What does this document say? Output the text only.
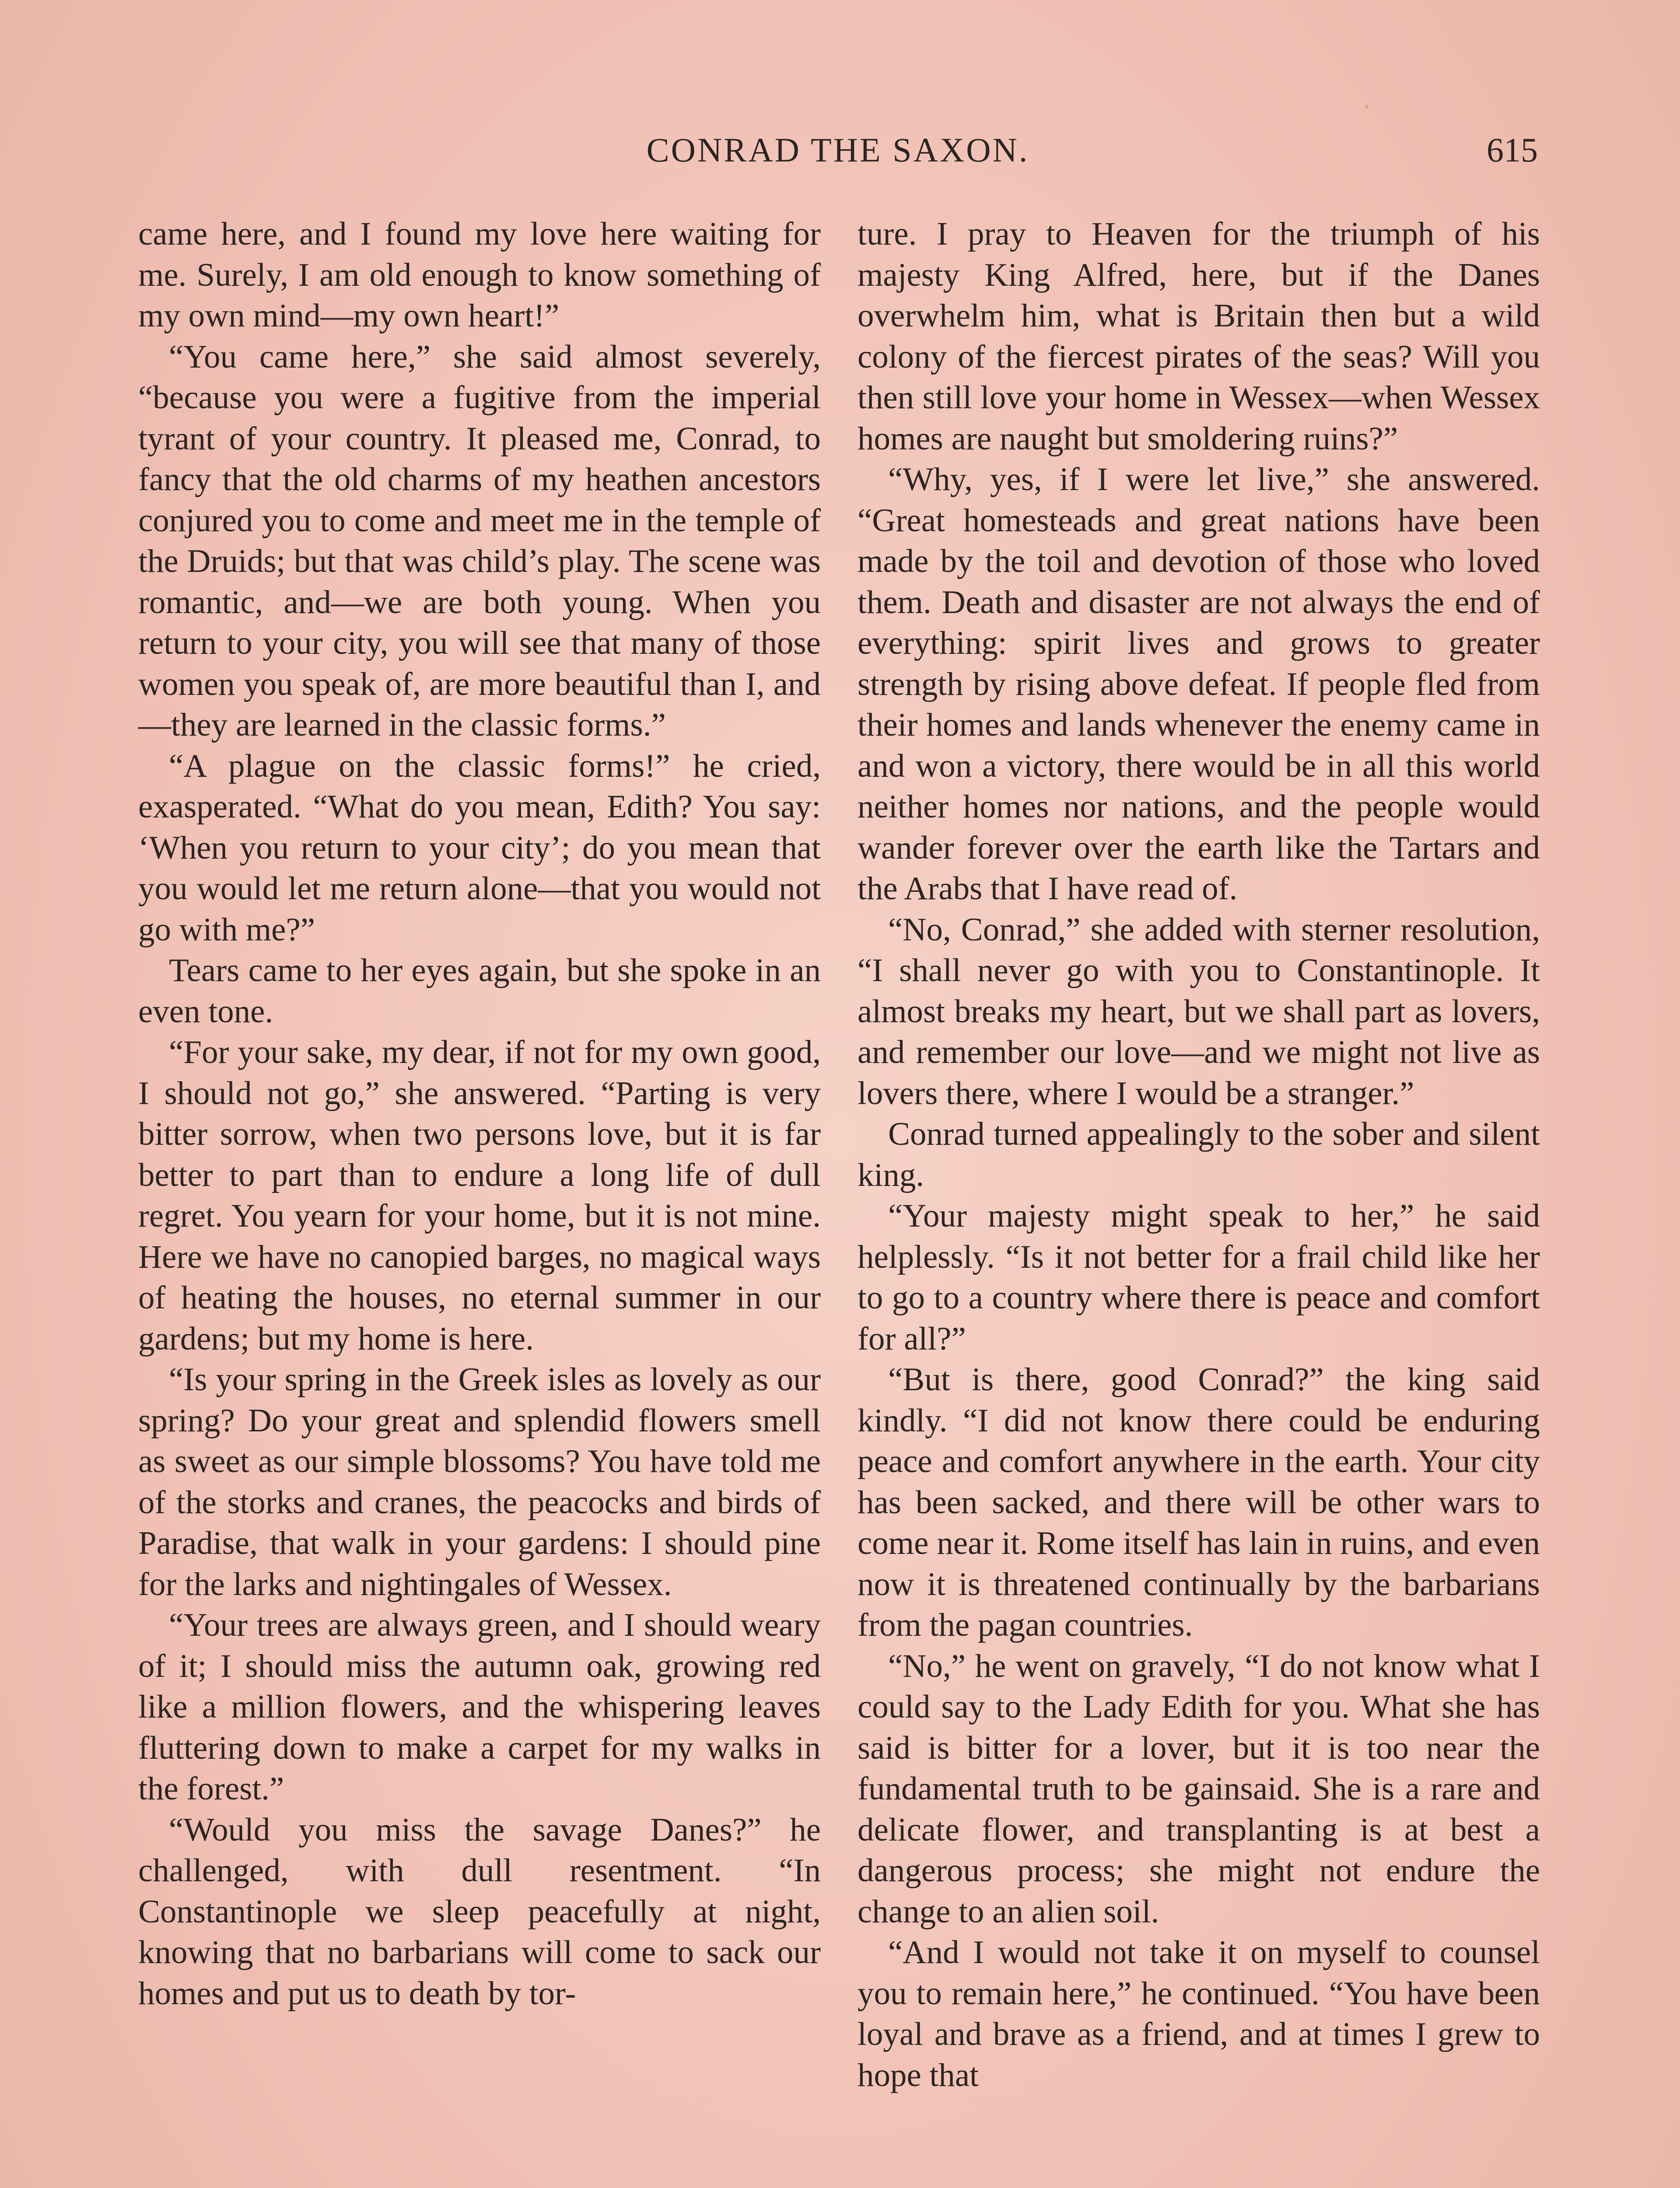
CONRAD THE SAXON.	615

came here, and I found my love here waiting for me. Surely, I am old enough to know something of my own mind—my own heart!”

“You came here,” she said almost severely, “because you were a fugitive from the imperial tyrant of your country. It pleased me, Conrad, to fancy that the old charms of my heathen ancestors conjured you to come and meet me in the temple of the Druids; but that was child’s play. The scene was romantic, and—we are both young. When you return to your city, you will see that many of those women you speak of, are more beautiful than I, and—they are learned in the classic forms.”

“A plague on the classic forms!” he cried, exasperated. “What do you mean, Edith? You say: ‘When you return to your city’; do you mean that you would let me return alone—that you would not go with me?”

Tears came to her eyes again, but she spoke in an even tone.

“For your sake, my dear, if not for my own good, I should not go,” she answered. “Parting is very bitter sorrow, when two persons love, but it is far better to part than to endure a long life of dull regret. You yearn for your home, but it is not mine. Here we have no canopied barges, no magical ways of heating the houses, no eternal summer in our gardens; but my home is here.

“Is your spring in the Greek isles as lovely as our spring? Do your great and splendid flowers smell as sweet as our simple blossoms? You have told me of the storks and cranes, the peacocks and birds of Paradise, that walk in your gardens: I should pine for the larks and nightingales of Wessex.

“Your trees are always green, and I should weary of it; I should miss the autumn oak, growing red like a million flowers, and the whispering leaves fluttering down to make a carpet for my walks in the forest.”

“Would you miss the savage Danes?” he challenged, with dull resentment. “In Constantinople we sleep peacefully at night, knowing that no barbarians will come to sack our homes and put us to death by tor-

ture. I pray to Heaven for the triumph of his majesty King Alfred, here, but if the Danes overwhelm him, what is Britain then but a wild colony of the fiercest pirates of the seas? Will you then still love your home in Wessex—when Wessex homes are naught but smoldering ruins?”

“Why, yes, if I were let live,” she answered. “Great homesteads and great nations have been made by the toil and devotion of those who loved them. Death and disaster are not always the end of everything: spirit lives and grows to greater strength by rising above defeat. If people fled from their homes and lands whenever the enemy came in and won a victory, there would be in all this world neither homes nor nations, and the people would wander forever over the earth like the Tartars and the Arabs that I have read of.

“No, Conrad,” she added with sterner resolution, “I shall never go with you to Constantinople. It almost breaks my heart, but we shall part as lovers, and remember our love—and we might not live as lovers there, where I would be a stranger.”

Conrad turned appealingly to the sober and silent king.

“Your majesty might speak to her,” he said helplessly. “Is it not better for a frail child like her to go to a country where there is peace and comfort for all?”

“But is there, good Conrad?” the king said kindly. “I did not know there could be enduring peace and comfort anywhere in the earth. Your city has been sacked, and there will be other wars to come near it. Rome itself has lain in ruins, and even now it is threatened continually by the barbarians from the pagan countries.

“No,” he went on gravely, “I do not know what I could say to the Lady Edith for you. What she has said is bitter for a lover, but it is too near the fundamental truth to be gainsaid. She is a rare and delicate flower, and transplanting is at best a dangerous process; she might not endure the change to an alien soil.

“And I would not take it on myself to counsel you to remain here,” he continued. “You have been loyal and brave as a friend, and at times I grew to hope that
